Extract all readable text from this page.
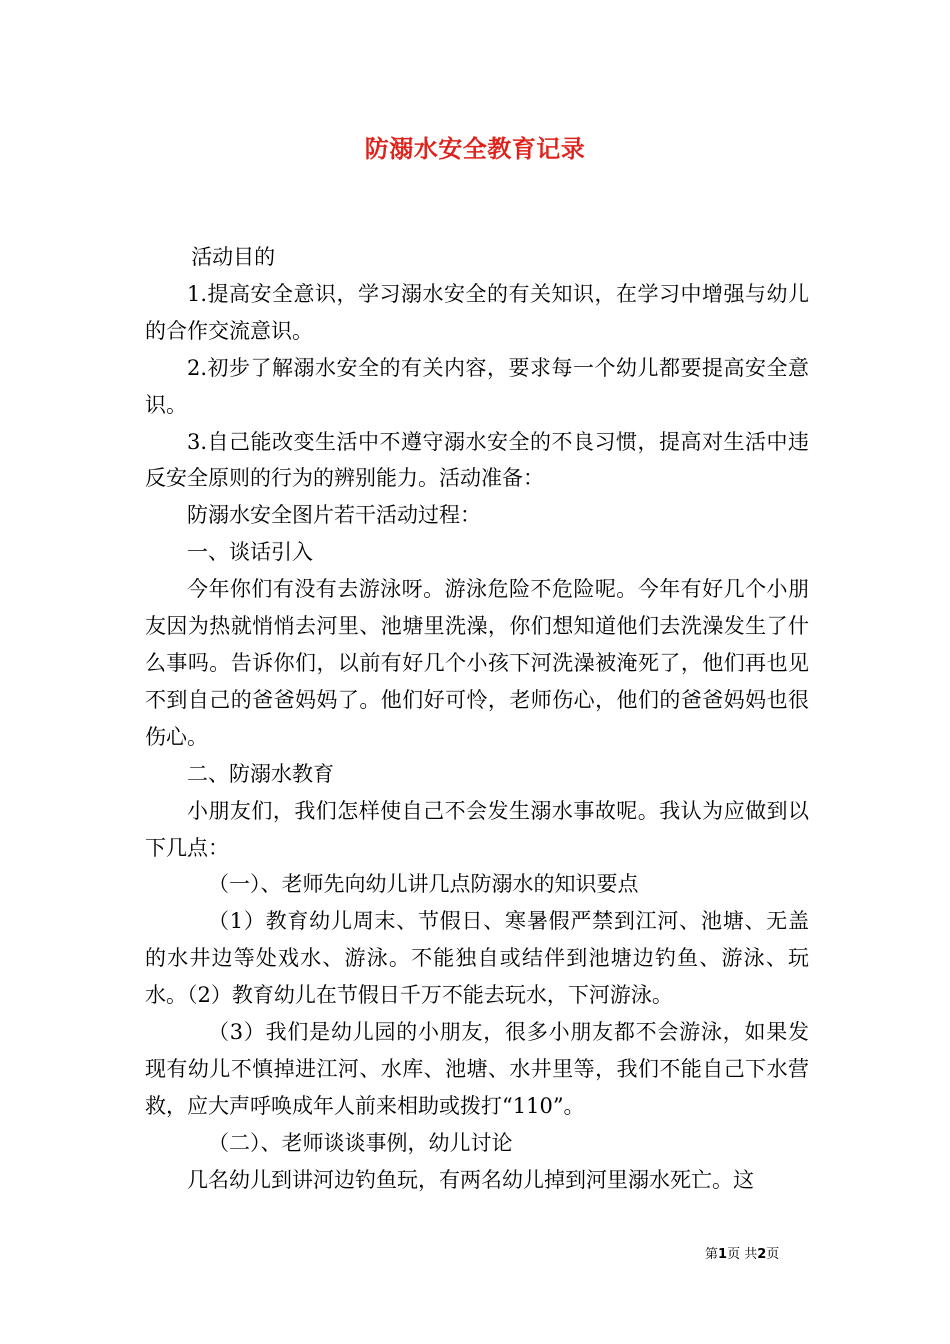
防溺水安全教育记录

活动目的

1.提高安全意识，学习溺水安全的有关知识，在学习中增强与幼儿的合作交流意识。

2.初步了解溺水安全的有关内容，要求每一个幼儿都要提高安全意识。

3.自己能改变生活中不遵守溺水安全的不良习惯，提高对生活中违反安全原则的行为的辨别能力。活动准备：

防溺水安全图片若干活动过程：

一、谈话引入

今年你们有没有去游泳呀。游泳危险不危险呢。今年有好几个小朋友因为热就悄悄去河里、池塘里洗澡，你们想知道他们去洗澡发生了什么事吗。告诉你们，以前有好几个小孩下河洗澡被淹死了，他们再也见不到自己的爸爸妈妈了。他们好可怜，老师伤心，他们的爸爸妈妈也很伤心。

二、防溺水教育

小朋友们，我们怎样使自己不会发生溺水事故呢。我认为应做到以下几点：

（一）、老师先向幼儿讲几点防溺水的知识要点

（1）教育幼儿周末、节假日、寒暑假严禁到江河、池塘、无盖的水井边等处戏水、游泳。不能独自或结伴到池塘边钓鱼、游泳、玩水。（2）教育幼儿在节假日千万不能去玩水，下河游泳。

（3）我们是幼儿园的小朋友，很多小朋友都不会游泳，如果发现有幼儿不慎掉进江河、水库、池塘、水井里等，我们不能自己下水营救，应大声呼唤成年人前来相助或拨打“110”。

（二）、老师谈谈事例，幼儿讨论

几名幼儿到讲河边钓鱼玩，有两名幼儿掉到河里溺水死亡。这

第1页 共2页
